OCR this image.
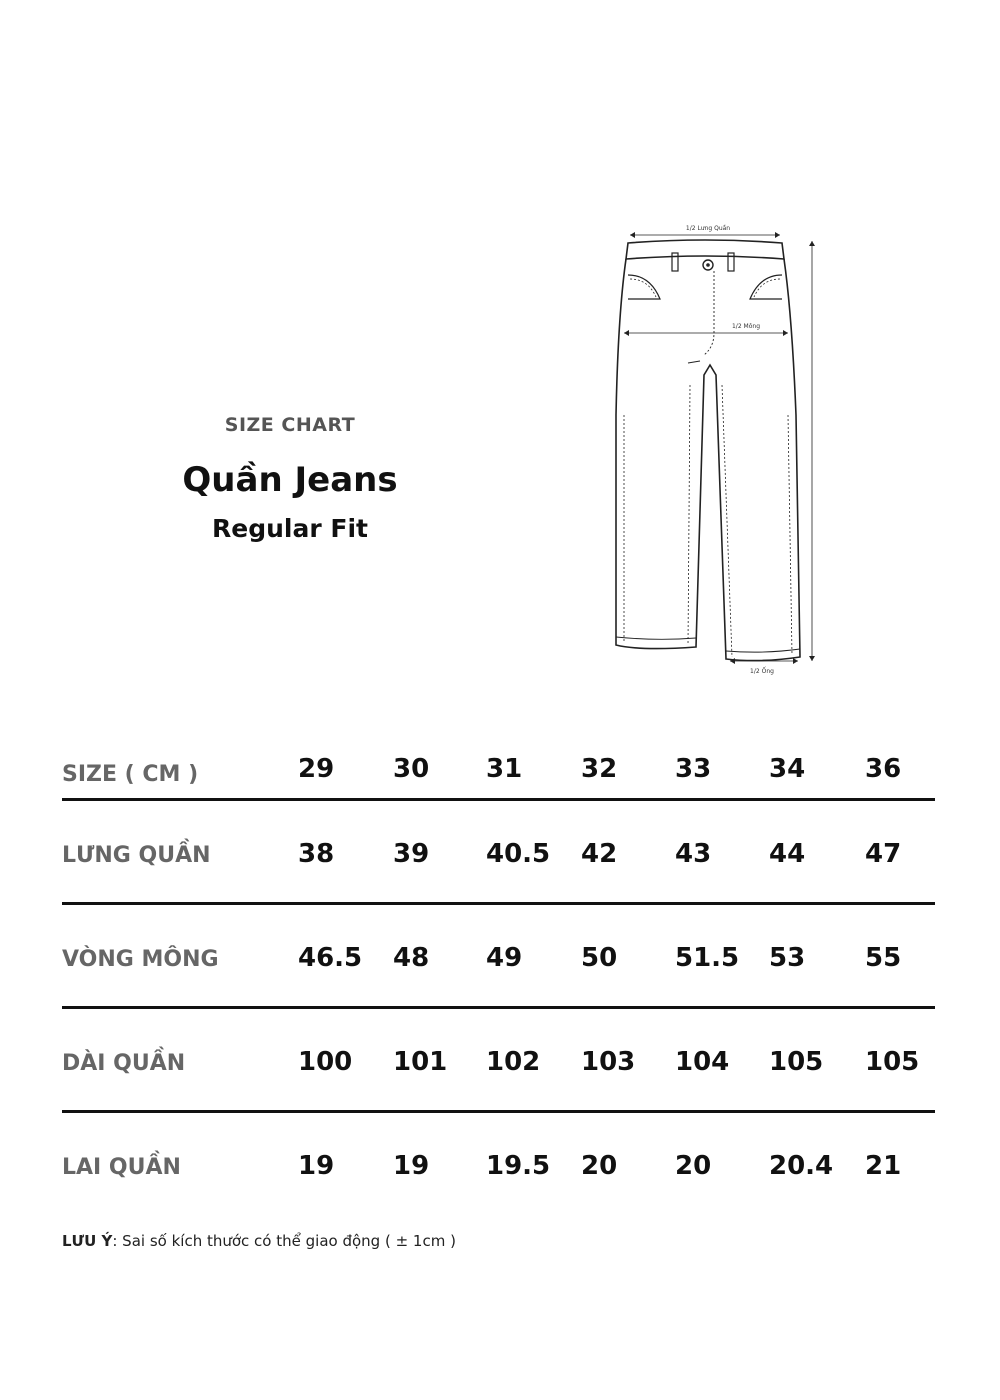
SIZE CHART
Quần Jeans
Regular Fit
1/2 Lưng Quần
1/2 Mông
1/2 Ống
SIZE ( CM )	29 30 31 32 33 34 36
LƯNG QUẦN	38 39 40.5 42 43 44 47
VÒNG MÔNG	46.5 48 49 50 51.5 53 55
DÀI QUẦN	100 101 102 103 104 105 105
LAI QUẦN	19 19 19.5 20 20 20.4 21
LƯU Ý: Sai số kích thước có thể giao động ( ± 1cm )
